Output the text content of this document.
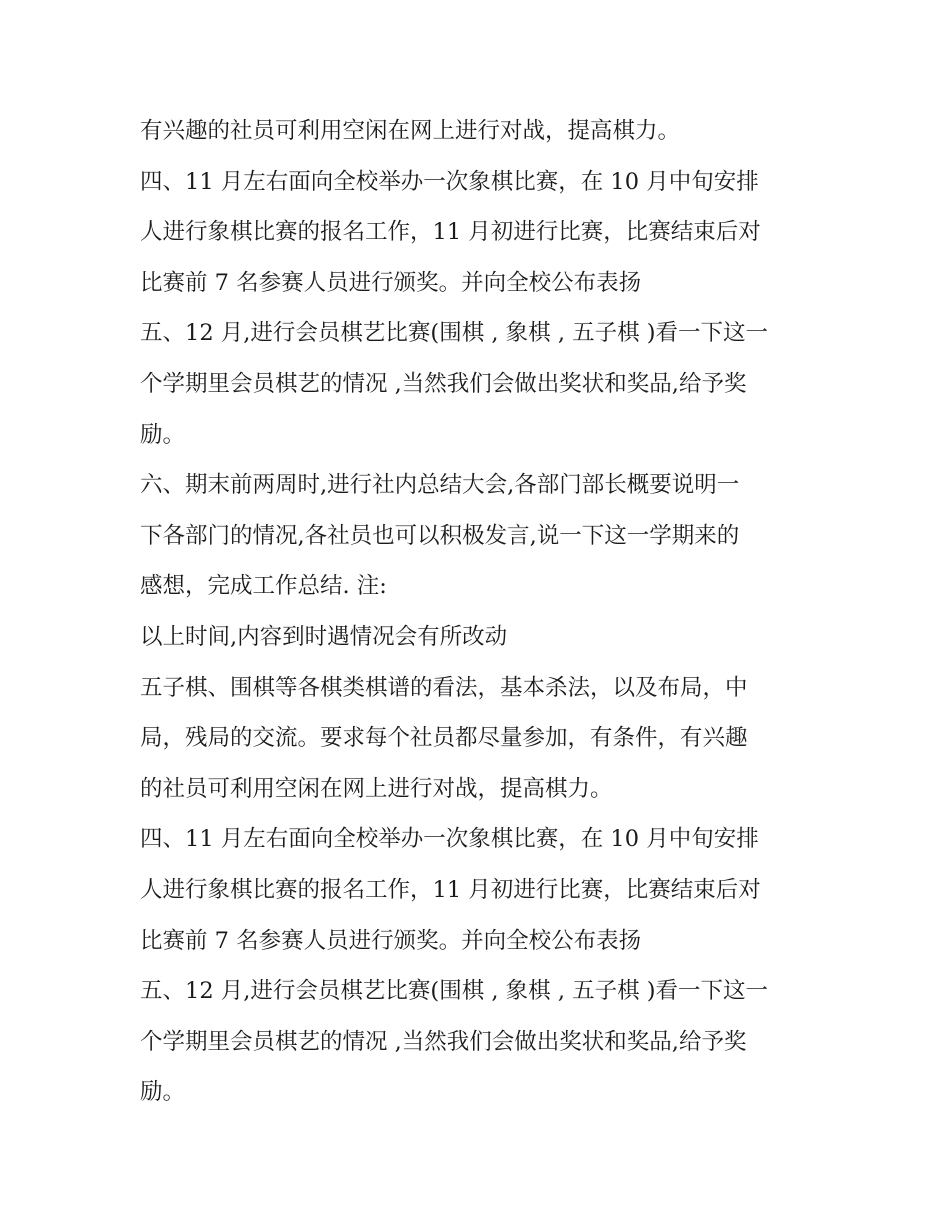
有兴趣的社员可利用空闲在网上进行对战，提高棋力。

四、11 月左右面向全校举办一次象棋比赛，在 10 月中旬安排

人进行象棋比赛的报名工作，11 月初进行比赛，比赛结束后对

比赛前 7 名参赛人员进行颁奖。并向全校公布表扬

五、12 月,进行会员棋艺比赛(围棋 , 象棋 , 五子棋 )看一下这一

个学期里会员棋艺的情况 ,当然我们会做出奖状和奖品,给予奖

励。

六、期末前两周时,进行社内总结大会,各部门部长概要说明一

下各部门的情况,各社员也可以积极发言,说一下这一学期来的

感想，完成工作总结. 注:

以上时间,内容到时遇情况会有所改动

五子棋、围棋等各棋类棋谱的看法，基本杀法，以及布局，中

局，残局的交流。要求每个社员都尽量参加，有条件，有兴趣

的社员可利用空闲在网上进行对战，提高棋力。

四、11 月左右面向全校举办一次象棋比赛，在 10 月中旬安排

人进行象棋比赛的报名工作，11 月初进行比赛，比赛结束后对

比赛前 7 名参赛人员进行颁奖。并向全校公布表扬

五、12 月,进行会员棋艺比赛(围棋 , 象棋 , 五子棋 )看一下这一

个学期里会员棋艺的情况 ,当然我们会做出奖状和奖品,给予奖

励。
